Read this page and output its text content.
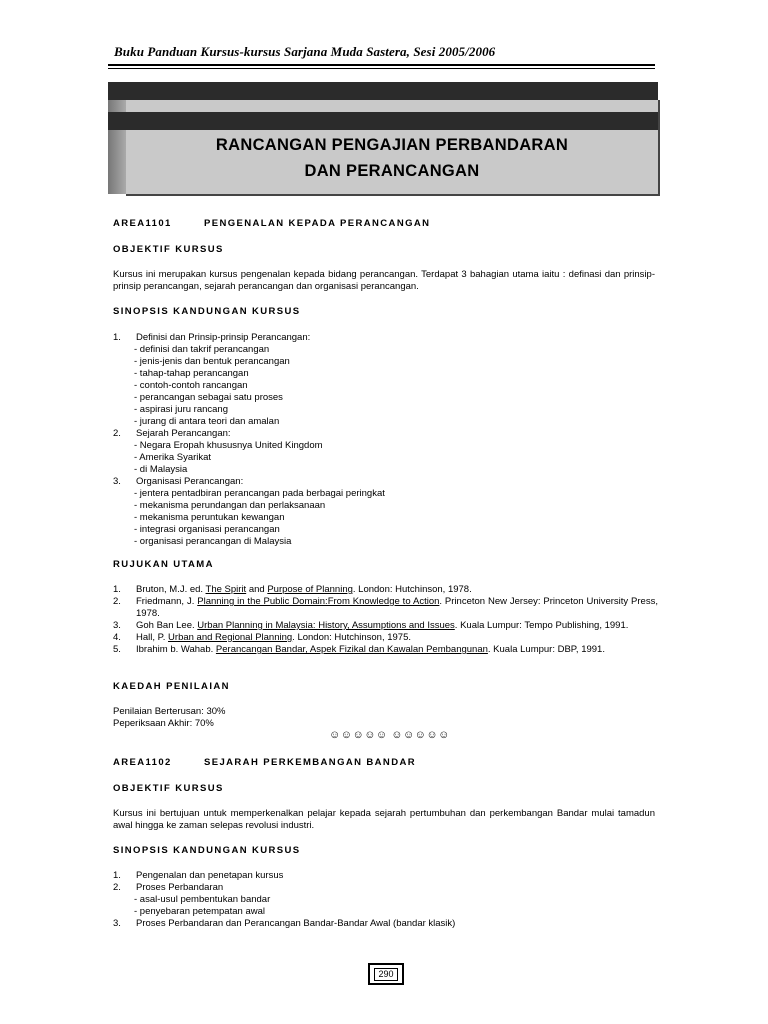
Buku Panduan Kursus-kursus Sarjana Muda Sastera, Sesi 2005/2006
RANCANGAN PENGAJIAN PERBANDARAN
DAN PERANCANGAN
AREA1101	PENGENALAN KEPADA PERANCANGAN
OBJEKTIF KURSUS
Kursus ini merupakan kursus pengenalan kepada bidang perancangan. Terdapat 3 bahagian utama iaitu : definasi dan prinsip-prinsip perancangan, sejarah perancangan dan organisasi perancangan.
SINOPSIS KANDUNGAN KURSUS
1. Definisi dan Prinsip-prinsip Perancangan:
- definisi dan takrif perancangan
- jenis-jenis dan bentuk perancangan
- tahap-tahap perancangan
- contoh-contoh rancangan
- perancangan sebagai satu proses
- aspirasi juru rancang
- jurang di antara teori dan amalan
2. Sejarah Perancangan:
- Negara Eropah khususnya United Kingdom
- Amerika Syarikat
- di Malaysia
3. Organisasi Perancangan:
- jentera pentadbiran perancangan pada berbagai peringkat
- mekanisma perundangan dan perlaksanaan
- mekanisma peruntukan kewangan
- integrasi organisasi perancangan
- organisasi perancangan di Malaysia
RUJUKAN UTAMA
1. Bruton, M.J. ed. The Spirit and Purpose of Planning. London: Hutchinson, 1978.
2. Friedmann, J. Planning in the Public Domain:From Knowledge to Action. Princeton New Jersey: Princeton University Press, 1978.
3. Goh Ban Lee. Urban Planning in Malaysia: History, Assumptions and Issues. Kuala Lumpur: Tempo Publishing, 1991.
4. Hall, P. Urban and Regional Planning. London: Hutchinson, 1975.
5. Ibrahim b. Wahab. Perancangan Bandar, Aspek Fizikal dan Kawalan Pembangunan. Kuala Lumpur: DBP, 1991.
KAEDAH PENILAIAN
Penilaian Berterusan: 30%
Peperiksaan Akhir: 70%
☺☺☺☺☺ ☺☺☺☺☺
AREA1102	SEJARAH PERKEMBANGAN BANDAR
OBJEKTIF KURSUS
Kursus ini bertujuan untuk memperkenalkan pelajar kepada sejarah pertumbuhan dan perkembangan Bandar mulai tamadun awal hingga ke zaman selepas revolusi industri.
SINOPSIS KANDUNGAN KURSUS
1. Pengenalan dan penetapan kursus
2. Proses Perbandaran
- asal-usul pembentukan bandar
- penyebaran petempatan awal
3. Proses Perbandaran dan Perancangan Bandar-Bandar Awal (bandar klasik)
290
